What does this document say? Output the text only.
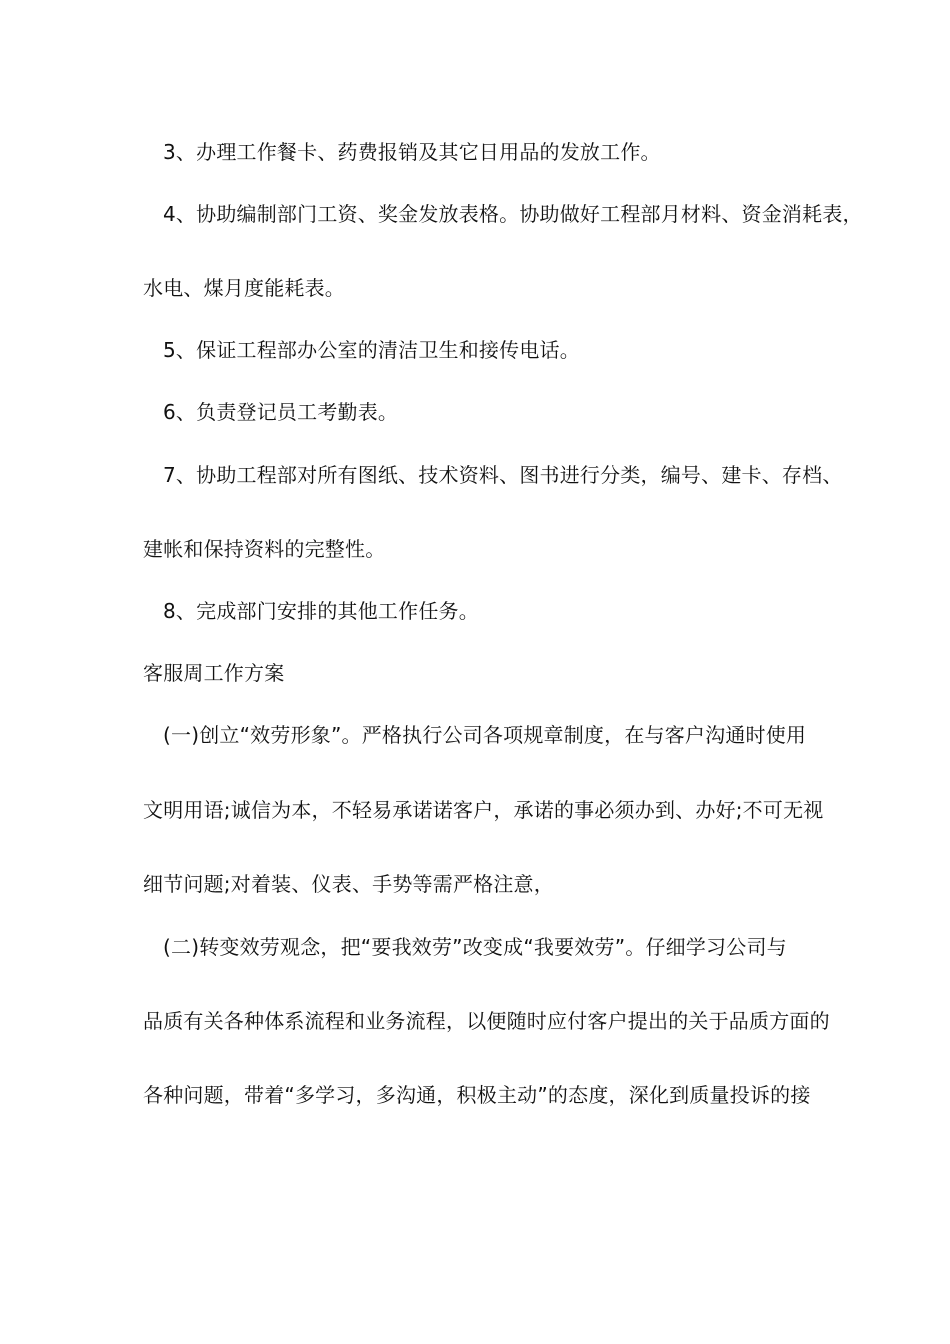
3、办理工作餐卡、药费报销及其它日用品的发放工作。
4、协助编制部门工资、奖金发放表格。协助做好工程部月材料、资金消耗表，
水电、煤月度能耗表。
5、保证工程部办公室的清洁卫生和接传电话。
6、负责登记员工考勤表。
7、协助工程部对所有图纸、技术资料、图书进行分类，编号、建卡、存档、
建帐和保持资料的完整性。
8、完成部门安排的其他工作任务。
客服周工作方案
(一)创立“效劳形象”。严格执行公司各项规章制度，在与客户沟通时使用
文明用语;诚信为本，不轻易承诺诺客户，承诺的事必须办到、办好;不可无视
细节问题;对着装、仪表、手势等需严格注意，
(二)转变效劳观念，把“要我效劳”改变成“我要效劳”。仔细学习公司与
品质有关各种体系流程和业务流程，以便随时应付客户提出的关于品质方面的
各种问题，带着“多学习，多沟通，积极主动”的态度，深化到质量投诉的接
